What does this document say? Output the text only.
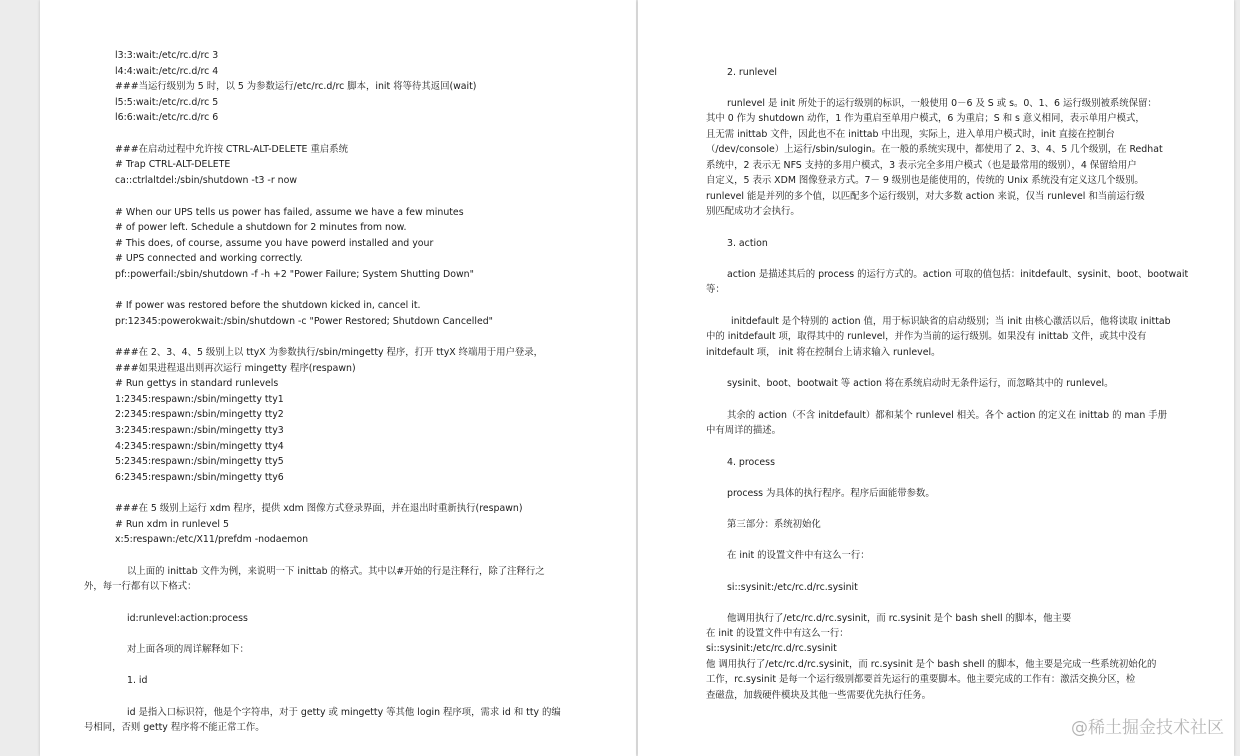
l3:3:wait:/etc/rc.d/rc 3
l4:4:wait:/etc/rc.d/rc 4
###当运行级别为 5 时，以 5 为参数运行/etc/rc.d/rc 脚本，init 将等待其返回(wait)
l5:5:wait:/etc/rc.d/rc 5
l6:6:wait:/etc/rc.d/rc 6
###在启动过程中允许按 CTRL-ALT-DELETE 重启系统
# Trap CTRL-ALT-DELETE
ca::ctrlaltdel:/sbin/shutdown -t3 -r now
# When our UPS tells us power has failed, assume we have a few minutes
# of power left. Schedule a shutdown for 2 minutes from now.
# This does, of course, assume you have powerd installed and your
# UPS connected and working correctly.
pf::powerfail:/sbin/shutdown -f -h +2 "Power Failure; System Shutting Down"
# If power was restored before the shutdown kicked in, cancel it.
pr:12345:powerokwait:/sbin/shutdown -c "Power Restored; Shutdown Cancelled"
###在 2、3、4、5 级别上以 ttyX 为参数执行/sbin/mingetty 程序，打开 ttyX 终端用于用户登录，
###如果进程退出则再次运行 mingetty 程序(respawn)
# Run gettys in standard runlevels
1:2345:respawn:/sbin/mingetty tty1
2:2345:respawn:/sbin/mingetty tty2
3:2345:respawn:/sbin/mingetty tty3
4:2345:respawn:/sbin/mingetty tty4
5:2345:respawn:/sbin/mingetty tty5
6:2345:respawn:/sbin/mingetty tty6
###在 5 级别上运行 xdm 程序，提供 xdm 图像方式登录界面，并在退出时重新执行(respawn)
# Run xdm in runlevel 5
x:5:respawn:/etc/X11/prefdm -nodaemon
以上面的 inittab 文件为例，来说明一下 inittab 的格式。其中以#开始的行是注释行，除了注释行之
外，每一行都有以下格式：
id:runlevel:action:process
对上面各项的周详解释如下：
1. id
id 是指入口标识符，他是个字符串，对于 getty 或 mingetty 等其他 login 程序项，需求 id 和 tty 的编
号相同，否则 getty 程序将不能正常工作。
2. runlevel
runlevel 是 init 所处于的运行级别的标识，一般使用 0－6 及 S 或 s。0、1、6 运行级别被系统保留：
其中 0 作为 shutdown 动作，1 作为重启至单用户模式，6 为重启；S 和 s 意义相同，表示单用户模式，
且无需 inittab 文件，因此也不在 inittab 中出现，实际上，进入单用户模式时，init 直接在控制台
（/dev/console）上运行/sbin/sulogin。在一般的系统实现中，都使用了 2、3、4、5 几个级别，在 Redhat
系统中，2 表示无 NFS 支持的多用户模式，3 表示完全多用户模式（也是最常用的级别），4 保留给用户
自定义，5 表示 XDM 图像登录方式。7－ 9 级别也是能使用的，传统的 Unix 系统没有定义这几个级别。
runlevel 能是并列的多个值，以匹配多个运行级别，对大多数 action 来说，仅当 runlevel 和当前运行级
别匹配成功才会执行。
3. action
action 是描述其后的 process 的运行方式的。action 可取的值包括：initdefault、sysinit、boot、bootwait
等：
initdefault 是个特别的 action 值，用于标识缺省的启动级别；当 init 由核心激活以后，他将读取 inittab
中的 initdefault 项，取得其中的 runlevel，并作为当前的运行级别。如果没有 inittab 文件，或其中没有
initdefault 项， init 将在控制台上请求输入 runlevel。
sysinit、boot、bootwait 等 action 将在系统启动时无条件运行，而忽略其中的 runlevel。
其余的 action（不含 initdefault）都和某个 runlevel 相关。各个 action 的定义在 inittab 的 man 手册
中有周详的描述。
4. process
process 为具体的执行程序。程序后面能带参数。
第三部分：系统初始化
在 init 的设置文件中有这么一行：
si::sysinit:/etc/rc.d/rc.sysinit
他调用执行了/etc/rc.d/rc.sysinit，而 rc.sysinit 是个 bash shell 的脚本，他主要
在 init 的设置文件中有这么一行：
si::sysinit:/etc/rc.d/rc.sysinit
他 调用执行了/etc/rc.d/rc.sysinit，而 rc.sysinit 是个 bash shell 的脚本，他主要是完成一些系统初始化的
工作，rc.sysinit 是每一个运行级别都要首先运行的重要脚本。他主要完成的工作有：激活交换分区，检
查磁盘，加载硬件模块及其他一些需要优先执行任务。
@稀土掘金技术社区
